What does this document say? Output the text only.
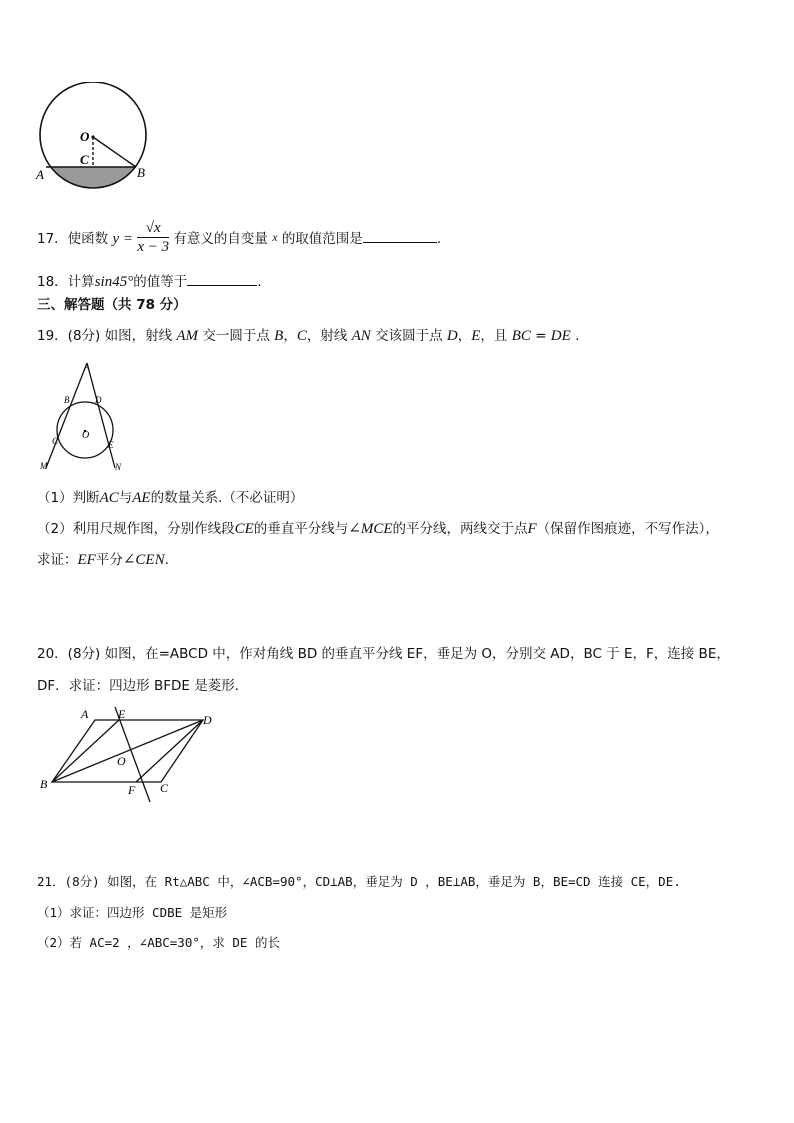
O
C
A	B
17．使函数 $y = \frac{√x}{x - 3}$ 有意义的自变量 x 的取值范围是	.
18．计算sin45°的值等于	.
三、解答题（共 78 分）
19．(8分) 如图，射线 AM 交一圆于点 B，C，射线 AN 交该圆于点 D，E，且 BC = DE .
A
B	D
O
C	E
M	N
（1）判断AC与AE的数量关系.（不必证明）
（2）利用尺规作图，分别作线段CE的垂直平分线与∠MCE的平分线，两线交于点F（保留作图痕迹，不写作法），
求证：EF平分∠CEN.
20．(8分) 如图，在=ABCD 中，作对角线 BD 的垂直平分线 EF，垂足为 O，分别交 AD，BC 于 E，F，连接 BE，
DF．求证：四边形 BFDE 是菱形．
A E	D
O
B	F C
21．(8分) 如图，在 Rt△ABC 中，∠ACB=90°，CD⊥AB，垂足为 D ，BE⊥AB，垂足为 B，BE=CD 连接 CE，DE.
（1）求证：四边形 CDBE 是矩形
（2）若 AC=2 ，∠ABC=30°，求 DE 的长
